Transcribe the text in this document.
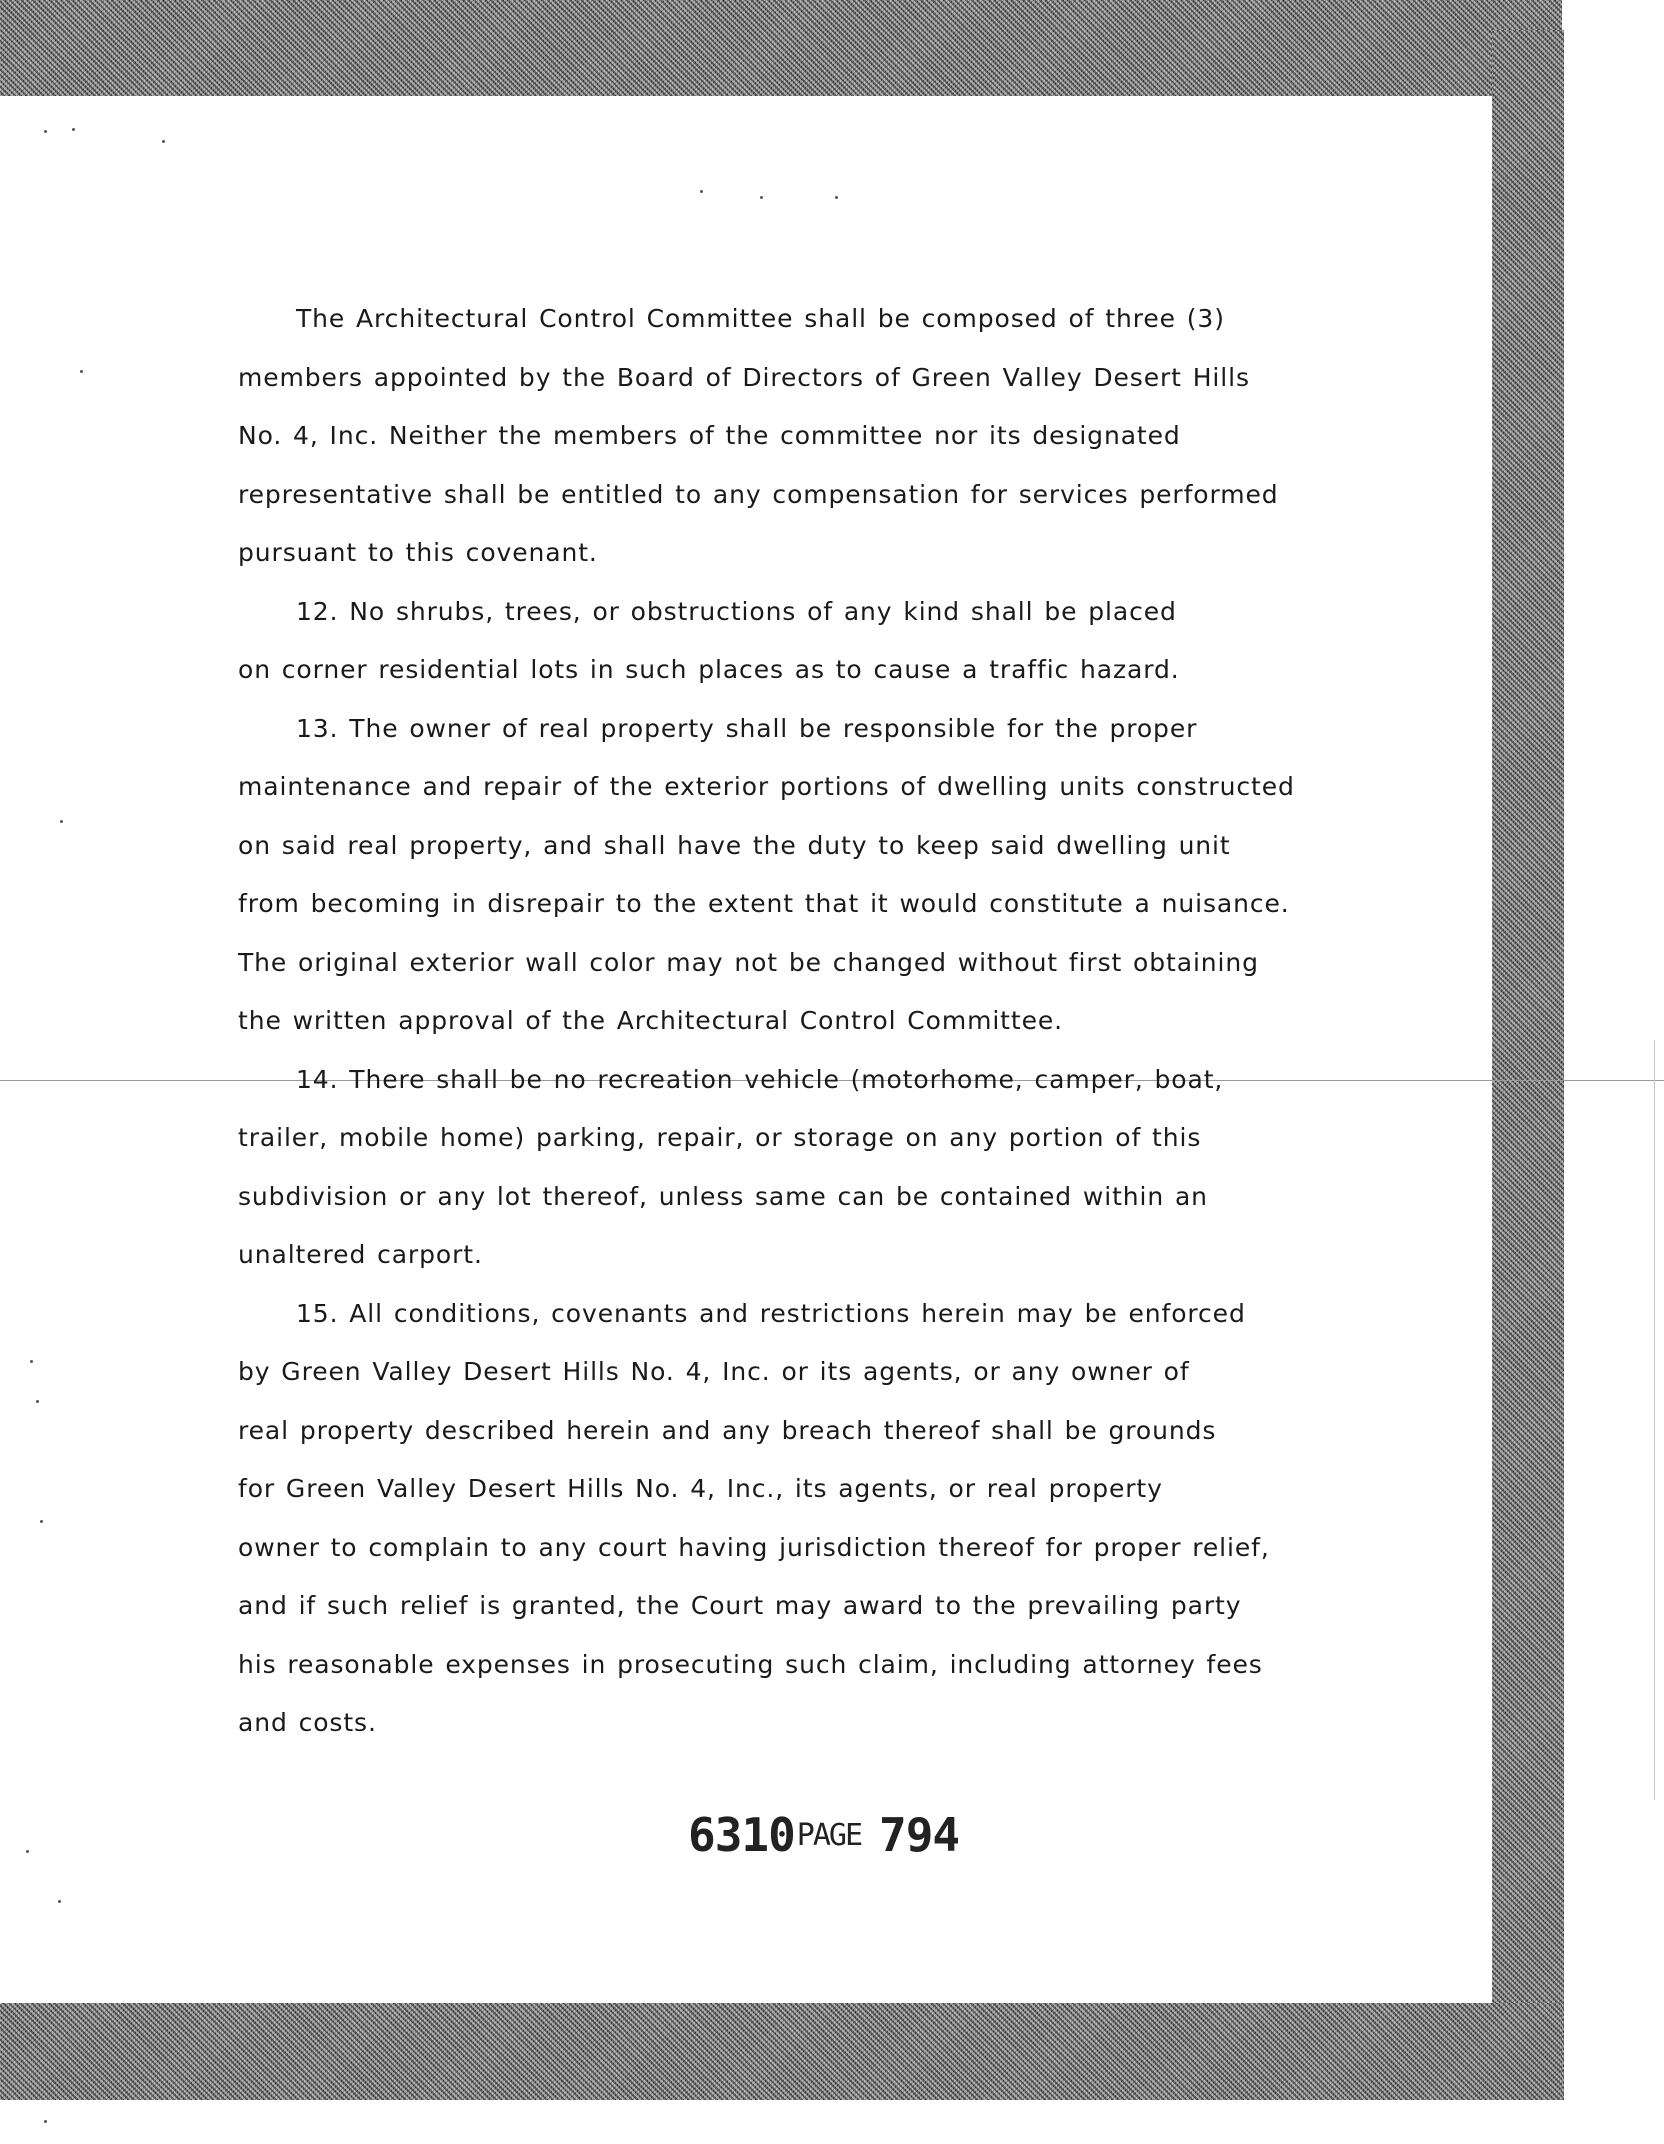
The Architectural Control Committee shall be composed of three (3)

members appointed by the Board of Directors of Green Valley Desert Hills

No. 4, Inc. Neither the members of the committee nor its designated

representative shall be entitled to any compensation for services performed

pursuant to this covenant.

12. No shrubs, trees, or obstructions of any kind shall be placed

on corner residential lots in such places as to cause a traffic hazard.

13. The owner of real property shall be responsible for the proper

maintenance and repair of the exterior portions of dwelling units constructed

on said real property, and shall have the duty to keep said dwelling unit

from becoming in disrepair to the extent that it would constitute a nuisance.

The original exterior wall color may not be changed without first obtaining

the written approval of the Architectural Control Committee.

14. There shall be no recreation vehicle (motorhome, camper, boat,

trailer, mobile home) parking, repair, or storage on any portion of this

subdivision or any lot thereof, unless same can be contained within an

unaltered carport.

15. All conditions, covenants and restrictions herein may be enforced

by Green Valley Desert Hills No. 4, Inc. or its agents, or any owner of

real property described herein and any breach thereof shall be grounds

for Green Valley Desert Hills No. 4, Inc., its agents, or real property

owner to complain to any court having jurisdiction thereof for proper relief,

and if such relief is granted, the Court may award to the prevailing party

his reasonable expenses in prosecuting such claim, including attorney fees

and costs.

6310PAGE 794
